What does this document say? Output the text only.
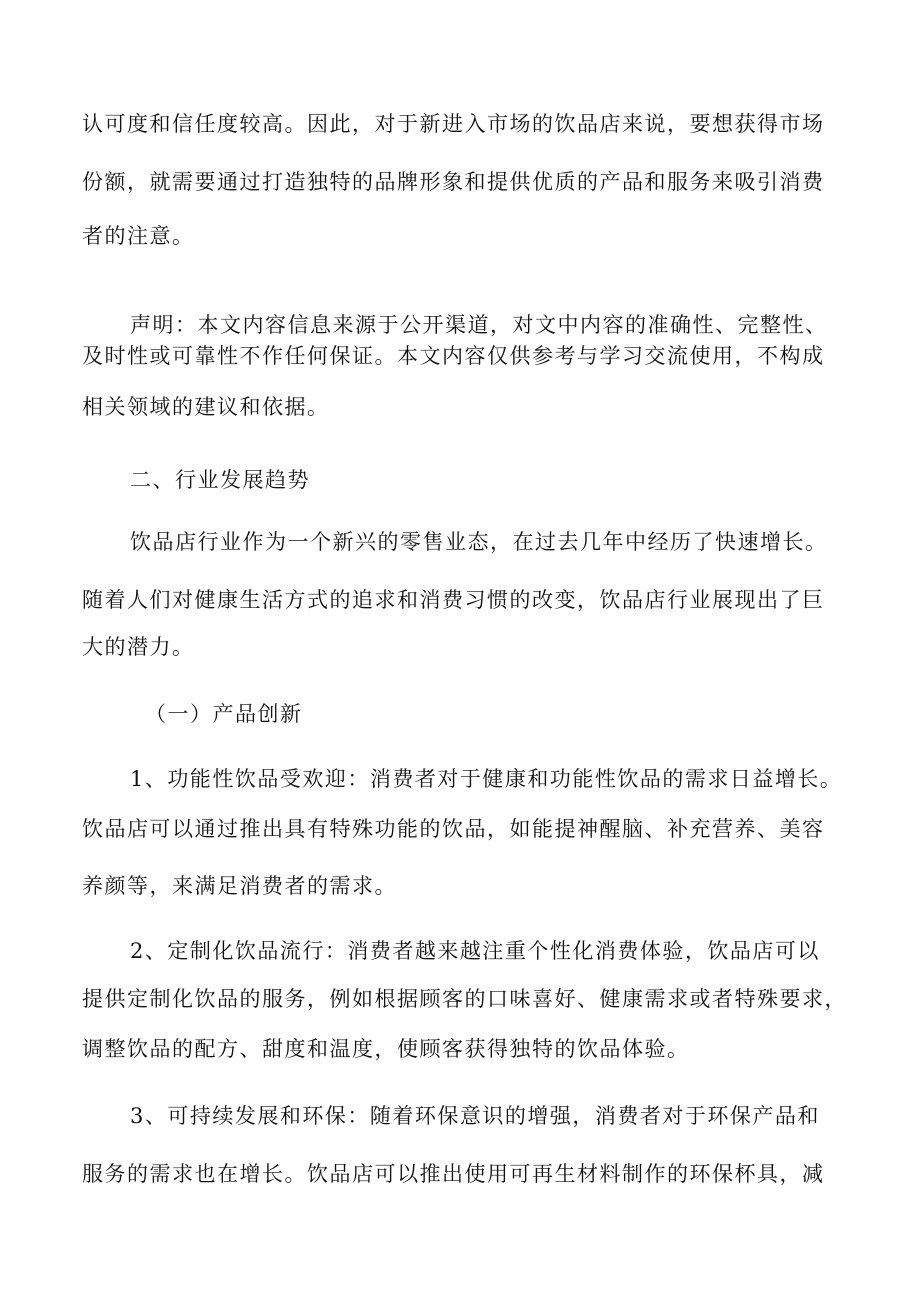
认可度和信任度较高。因此，对于新进入市场的饮品店来说，要想获得市场
份额，就需要通过打造独特的品牌形象和提供优质的产品和服务来吸引消费
者的注意。
声明：本文内容信息来源于公开渠道，对文中内容的准确性、完整性、
及时性或可靠性不作任何保证。本文内容仅供参考与学习交流使用，不构成
相关领域的建议和依据。
二、行业发展趋势
饮品店行业作为一个新兴的零售业态，在过去几年中经历了快速增长。
随着人们对健康生活方式的追求和消费习惯的改变，饮品店行业展现出了巨
大的潜力。
（一）产品创新
1、功能性饮品受欢迎：消费者对于健康和功能性饮品的需求日益增长。
饮品店可以通过推出具有特殊功能的饮品，如能提神醒脑、补充营养、美容
养颜等，来满足消费者的需求。
2、定制化饮品流行：消费者越来越注重个性化消费体验，饮品店可以
提供定制化饮品的服务，例如根据顾客的口味喜好、健康需求或者特殊要求，
调整饮品的配方、甜度和温度，使顾客获得独特的饮品体验。
3、可持续发展和环保：随着环保意识的增强，消费者对于环保产品和
服务的需求也在增长。饮品店可以推出使用可再生材料制作的环保杯具，减
